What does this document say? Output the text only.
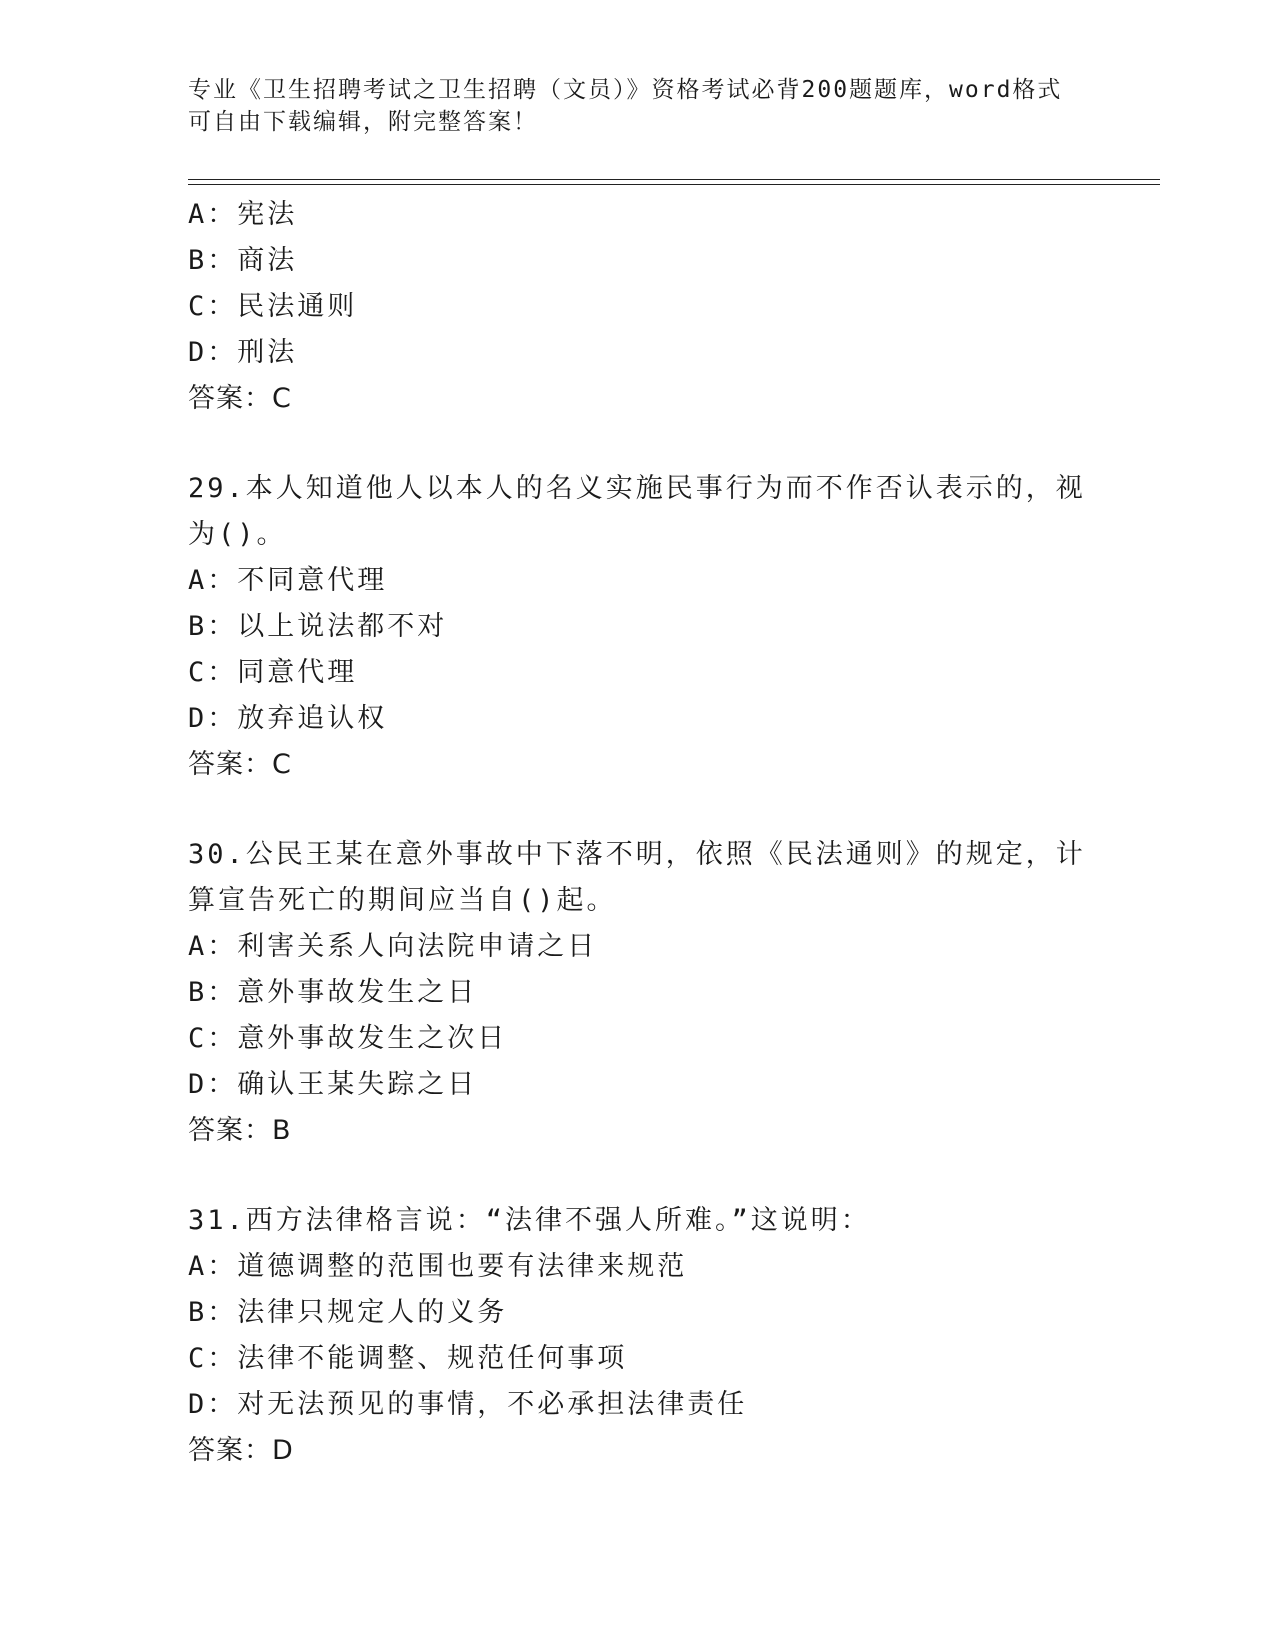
专业《卫生招聘考试之卫生招聘（文员）》资格考试必背200题题库，word格式
可自由下载编辑，附完整答案！
A：宪法
B：商法
C：民法通则
D：刑法
答案：C
29.本人知道他人以本人的名义实施民事行为而不作否认表示的，视为()。
A：不同意代理
B：以上说法都不对
C：同意代理
D：放弃追认权
答案：C
30.公民王某在意外事故中下落不明，依照《民法通则》的规定，计算宣告死亡的期间应当自()起。
A：利害关系人向法院申请之日
B：意外事故发生之日
C：意外事故发生之次日
D：确认王某失踪之日
答案：B
31.西方法律格言说：“法律不强人所难。”这说明：
A：道德调整的范围也要有法律来规范
B：法律只规定人的义务
C：法律不能调整、规范任何事项
D：对无法预见的事情，不必承担法律责任
答案：D
